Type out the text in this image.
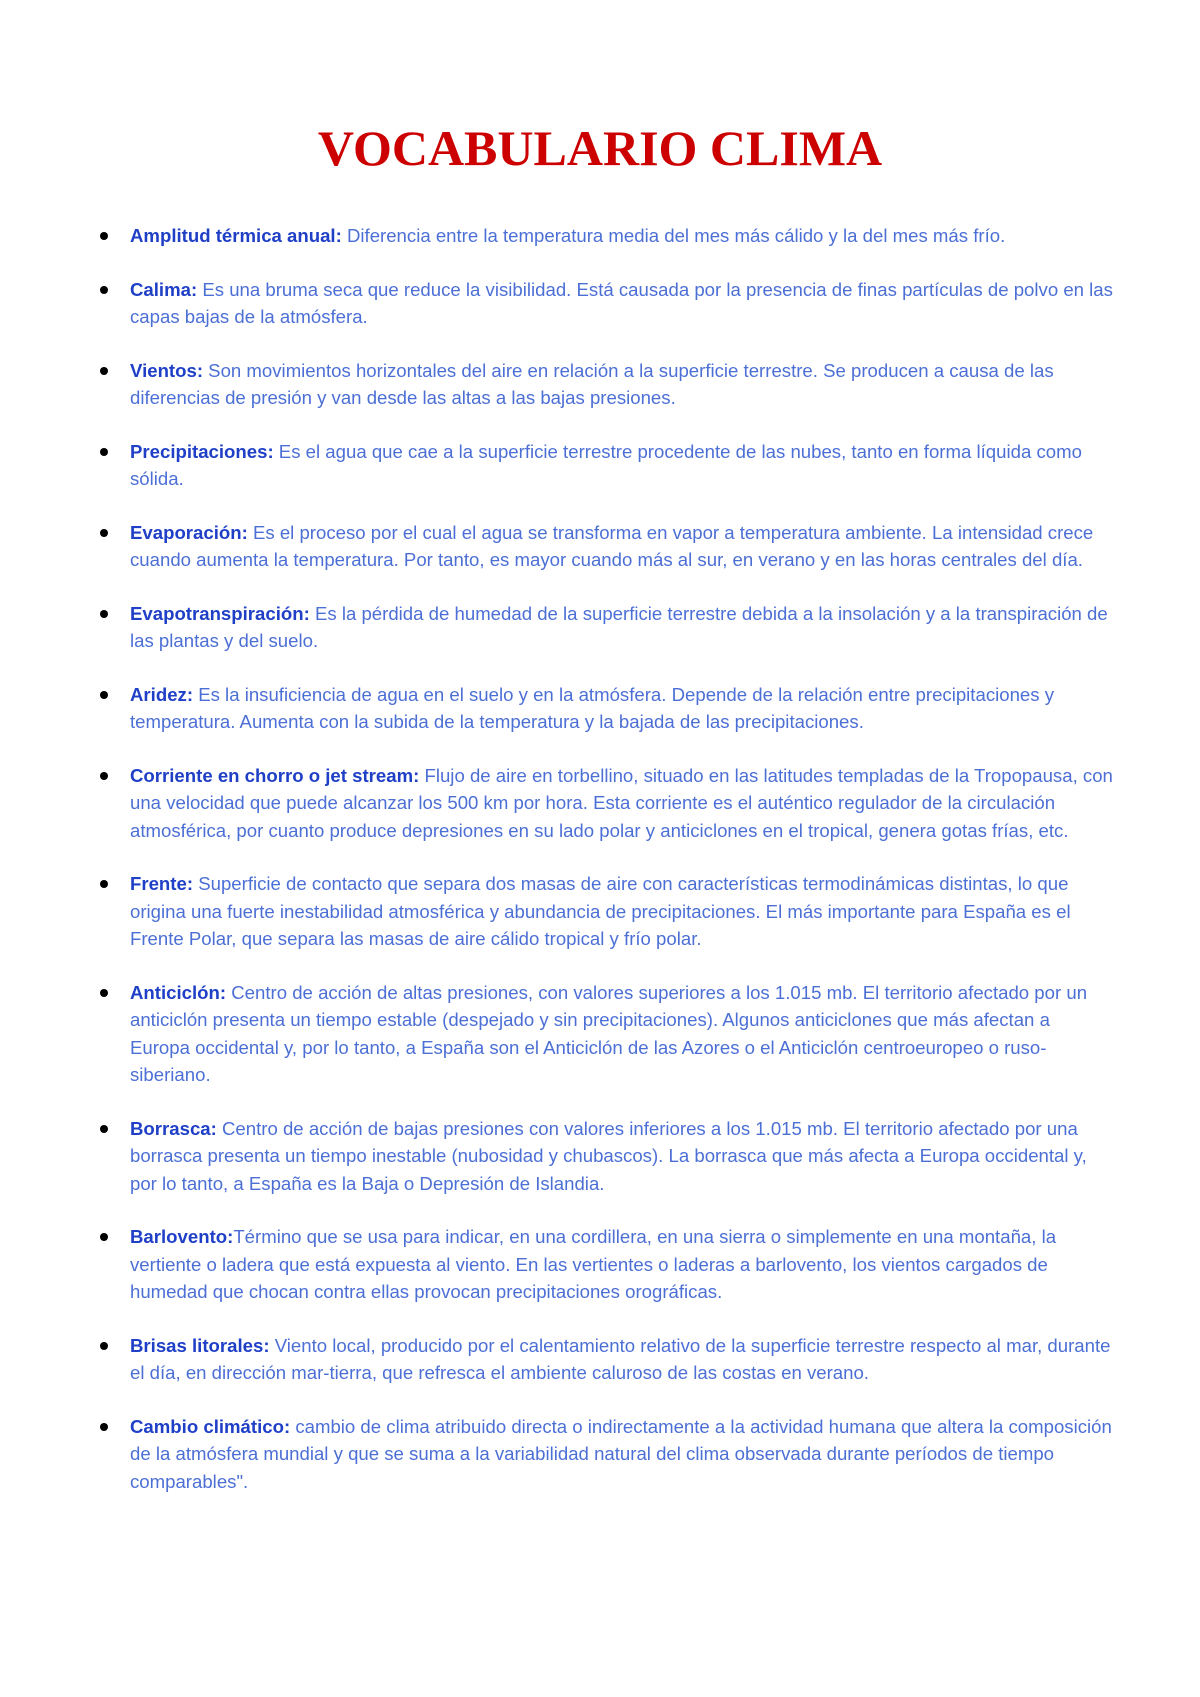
VOCABULARIO CLIMA
Amplitud térmica anual: Diferencia entre la temperatura media del mes más cálido y la del mes más frío.
Calima: Es una bruma seca que reduce la visibilidad. Está causada por la presencia de finas partículas de polvo en las capas bajas de la atmósfera.
Vientos: Son movimientos horizontales del aire en relación a la superficie terrestre. Se producen a causa de las diferencias de presión y van desde las altas a las bajas presiones.
Precipitaciones: Es el agua que cae a la superficie terrestre procedente de las nubes, tanto en forma líquida como sólida.
Evaporación: Es el proceso por el cual el agua se transforma en vapor a temperatura ambiente. La intensidad crece cuando aumenta la temperatura. Por tanto, es mayor cuando más al sur, en verano y en las horas centrales del día.
Evapotranspiración: Es la pérdida de humedad de la superficie terrestre debida a la insolación y a la transpiración de las plantas y del suelo.
Aridez: Es la insuficiencia de agua en el suelo y en la atmósfera. Depende de la relación entre precipitaciones y temperatura. Aumenta con la subida de la temperatura y la bajada de las precipitaciones.
Corriente en chorro o jet stream: Flujo de aire en torbellino, situado en las latitudes templadas de la Tropopausa, con una velocidad que puede alcanzar los 500 km por hora. Esta corriente es el auténtico regulador de la circulación atmosférica, por cuanto produce depresiones en su lado polar y anticiclones en el tropical, genera gotas frías, etc.
Frente: Superficie de contacto que separa dos masas de aire con características termodinámicas distintas, lo que origina una fuerte inestabilidad atmosférica y abundancia de precipitaciones. El más importante para España es el Frente Polar, que separa las masas de aire cálido tropical y frío polar.
Anticiclón: Centro de acción de altas presiones, con valores superiores a los 1.015 mb. El territorio afectado por un anticiclón presenta un tiempo estable (despejado y sin precipitaciones). Algunos anticiclones que más afectan a Europa occidental y, por lo tanto, a España son el Anticiclón de las Azores o el Anticiclón centroeuropeo o ruso-siberiano.
Borrasca: Centro de acción de bajas presiones con valores inferiores a los 1.015 mb. El territorio afectado por una borrasca presenta un tiempo inestable (nubosidad y chubascos). La borrasca que más afecta a Europa occidental y, por lo tanto, a España es la Baja o Depresión de Islandia.
Barlovento:Término que se usa para indicar, en una cordillera, en una sierra o simplemente en una montaña, la vertiente o ladera que está expuesta al viento. En las vertientes o laderas a barlovento, los vientos cargados de humedad que chocan contra ellas provocan precipitaciones orográficas.
Brisas litorales: Viento local, producido por el calentamiento relativo de la superficie terrestre respecto al mar, durante el día, en dirección mar-tierra, que refresca el ambiente caluroso de las costas en verano.
Cambio climático: cambio de clima atribuido directa o indirectamente a la actividad humana que altera la composición de la atmósfera mundial y que se suma a la variabilidad natural del clima observada durante períodos de tiempo comparables".
